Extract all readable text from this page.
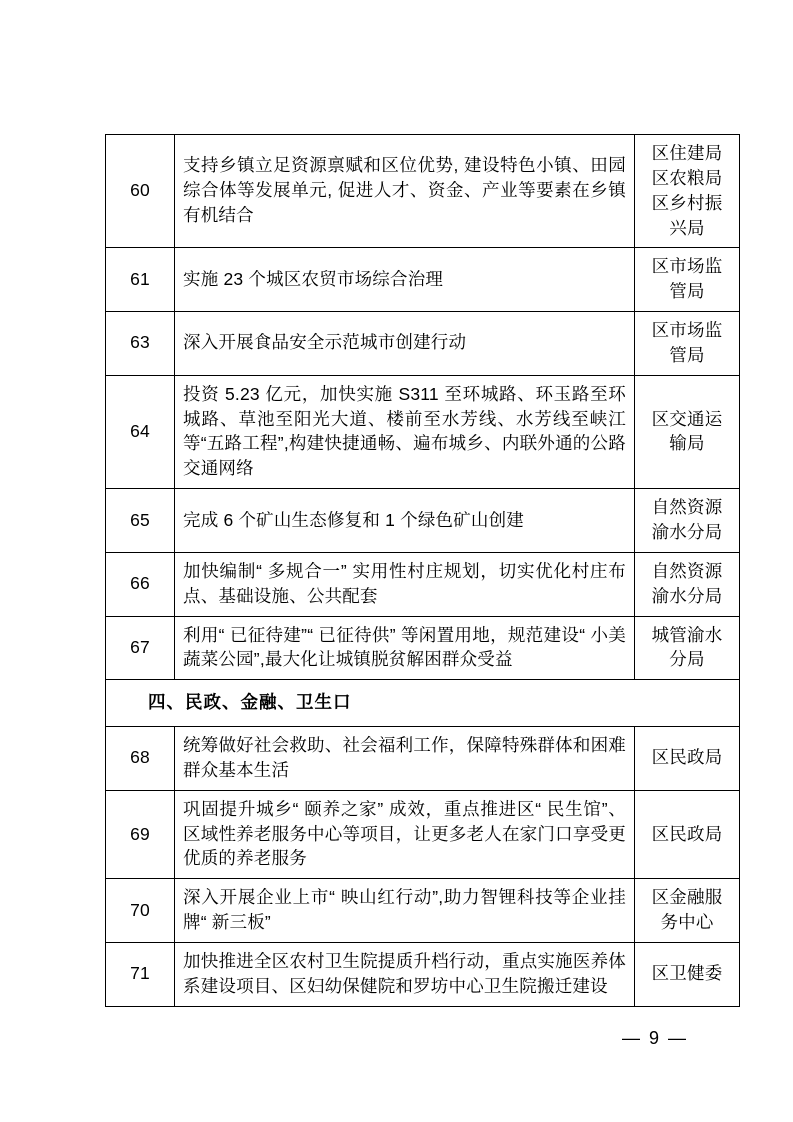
60	支持乡镇立足资源禀赋和区位优势, 建设特色小镇、田园综合体等发展单元, 促进人才、资金、产业等要素在乡镇有机结合	区住建局 区农粮局 区乡村振兴局
61	实施 23 个城区农贸市场综合治理	区市场监管局
63	深入开展食品安全示范城市创建行动	区市场监管局
64	投资 5.23 亿元，加快实施 S311 至环城路、环玉路至环城路、草池至阳光大道、楼前至水芳线、水芳线至峡江等“五路工程”,构建快捷通畅、遍布城乡、内联外通的公路交通网络	区交通运输局
65	完成 6 个矿山生态修复和 1 个绿色矿山创建	自然资源渝水分局
66	加快编制“ 多规合一” 实用性村庄规划，切实优化村庄布点、基础设施、公共配套	自然资源渝水分局
67	利用“ 已征待建”“ 已征待供” 等闲置用地，规范建设“ 小美蔬菜公园”,最大化让城镇脱贫解困群众受益	城管渝水分局
四、民政、金融、卫生口		
68	统筹做好社会救助、社会福利工作，保障特殊群体和困难群众基本生活	区民政局
69	巩固提升城乡“ 颐养之家” 成效，重点推进区“ 民生馆”、区域性养老服务中心等项目，让更多老人在家门口享受更优质的养老服务	区民政局
70	深入开展企业上市“ 映山红行动”,助力智锂科技等企业挂牌“ 新三板”	区金融服务中心
71	加快推进全区农村卫生院提质升档行动，重点实施医养体系建设项目、区妇幼保健院和罗坊中心卫生院搬迁建设	区卫健委
— 9 —
